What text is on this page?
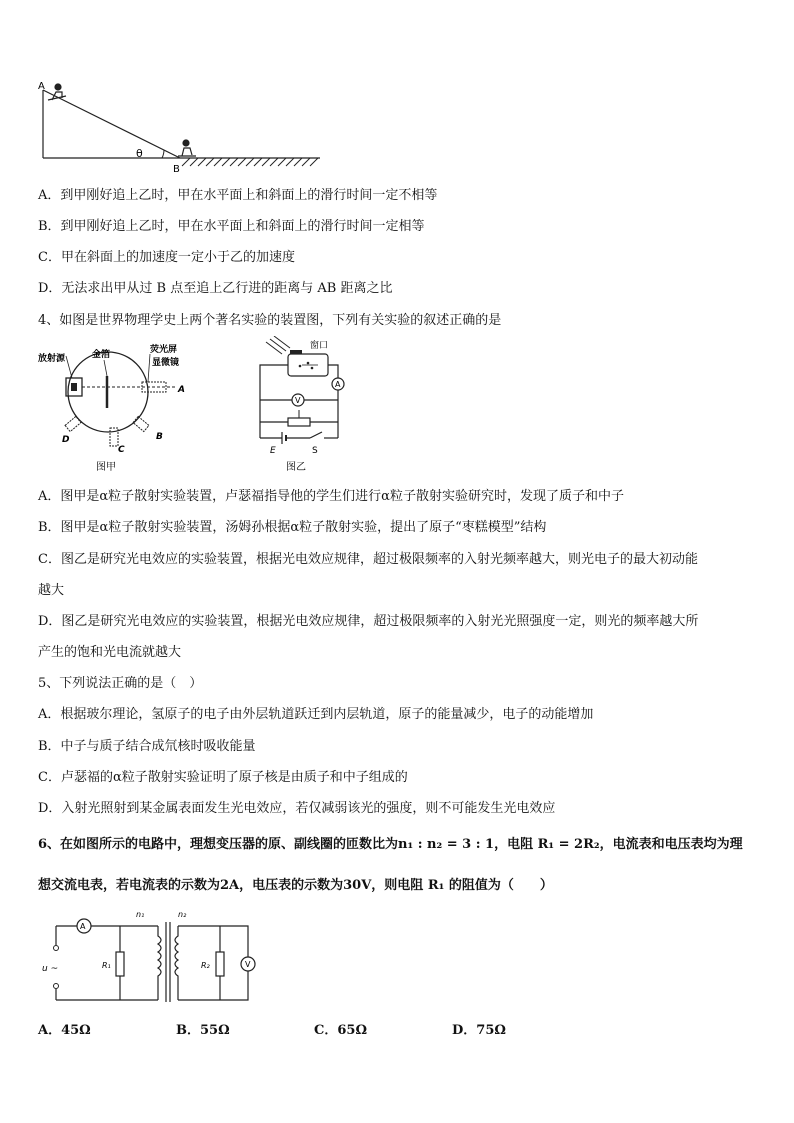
A
B
θ
A．到甲刚好追上乙时，甲在水平面上和斜面上的滑行时间一定不相等
B．到甲刚好追上乙时，甲在水平面上和斜面上的滑行时间一定相等
C．甲在斜面上的加速度一定小于乙的加速度
D．无法求出甲从过 B 点至追上乙行进的距离与 AB 距离之比
4、如图是世界物理学史上两个著名实验的装置图，下列有关实验的叙述正确的是
放射源	金箔	荧光屏
显微镜
A
B
C
D
图甲
窗口
A
V
E	S
图乙
A．图甲是α粒子散射实验装置，卢瑟福指导他的学生们进行α粒子散射实验研究时，发现了质子和中子
B．图甲是α粒子散射实验装置，汤姆孙根据α粒子散射实验，提出了原子“枣糕模型”结构
C．图乙是研究光电效应的实验装置，根据光电效应规律，超过极限频率的入射光频率越大，则光电子的最大初动能
越大
D．图乙是研究光电效应的实验装置，根据光电效应规律，超过极限频率的入射光光照强度一定，则光的频率越大所
产生的饱和光电流就越大
5、下列说法正确的是（　）
A．根据玻尔理论，氢原子的电子由外层轨道跃迁到内层轨道，原子的能量减少，电子的动能增加
B．中子与质子结合成氘核时吸收能量
C．卢瑟福的α粒子散射实验证明了原子核是由质子和中子组成的
D．入射光照射到某金属表面发生光电效应，若仅减弱该光的强度，则不可能发生光电效应
6、在如图所示的电路中，理想变压器的原、副线圈的匝数比为n₁ : n₂ = 3 : 1，电阻 R₁ = 2R₂，电流表和电压表均为理
想交流电表，若电流表的示数为2A，电压表的示数为30V，则电阻 R₁ 的阻值为（　　）
A
u ~	R₁
n₁	n₂
R₂	V
A．45Ω	B．55Ω	C．65Ω	D．75Ω
